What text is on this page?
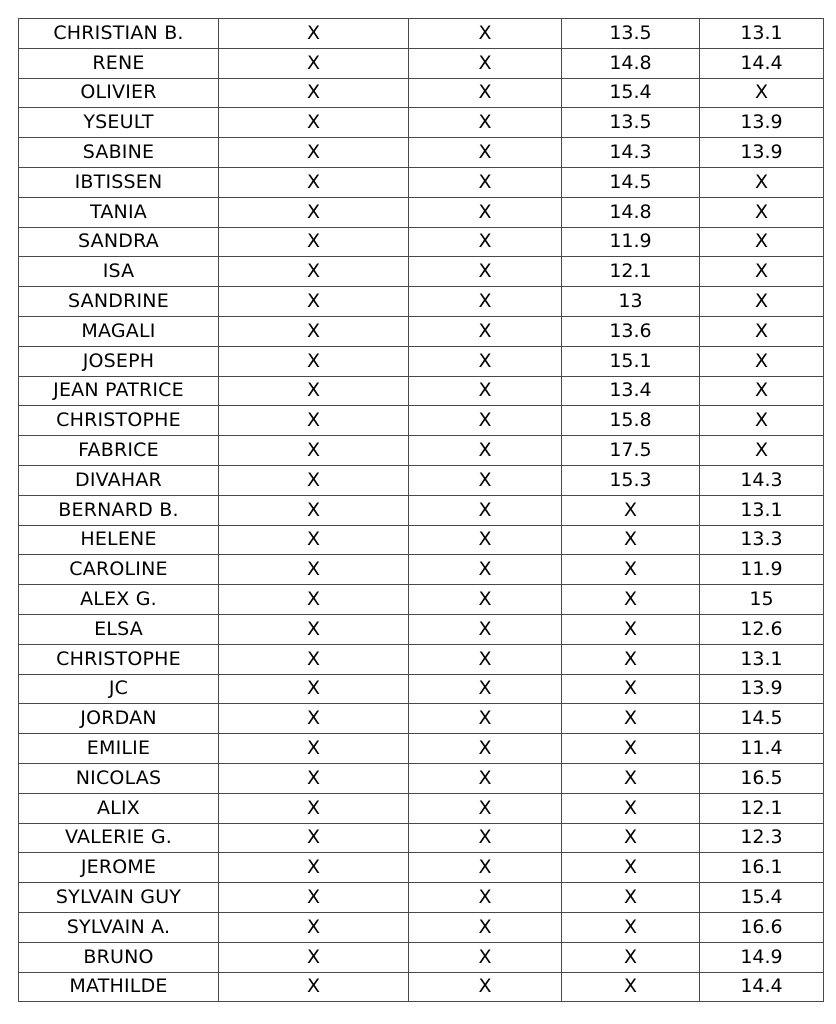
CHRISTIAN B.	X	X	13.5	13.1
RENE	X	X	14.8	14.4
OLIVIER	X	X	15.4	X
YSEULT	X	X	13.5	13.9
SABINE	X	X	14.3	13.9
IBTISSEN	X	X	14.5	X
TANIA	X	X	14.8	X
SANDRA	X	X	11.9	X
ISA	X	X	12.1	X
SANDRINE	X	X	13	X
MAGALI	X	X	13.6	X
JOSEPH	X	X	15.1	X
JEAN PATRICE	X	X	13.4	X
CHRISTOPHE	X	X	15.8	X
FABRICE	X	X	17.5	X
DIVAHAR	X	X	15.3	14.3
BERNARD B.	X	X	X	13.1
HELENE	X	X	X	13.3
CAROLINE	X	X	X	11.9
ALEX G.	X	X	X	15
ELSA	X	X	X	12.6
CHRISTOPHE	X	X	X	13.1
JC	X	X	X	13.9
JORDAN	X	X	X	14.5
EMILIE	X	X	X	11.4
NICOLAS	X	X	X	16.5
ALIX	X	X	X	12.1
VALERIE G.	X	X	X	12.3
JEROME	X	X	X	16.1
SYLVAIN GUY	X	X	X	15.4
SYLVAIN A.	X	X	X	16.6
BRUNO	X	X	X	14.9
MATHILDE	X	X	X	14.4
